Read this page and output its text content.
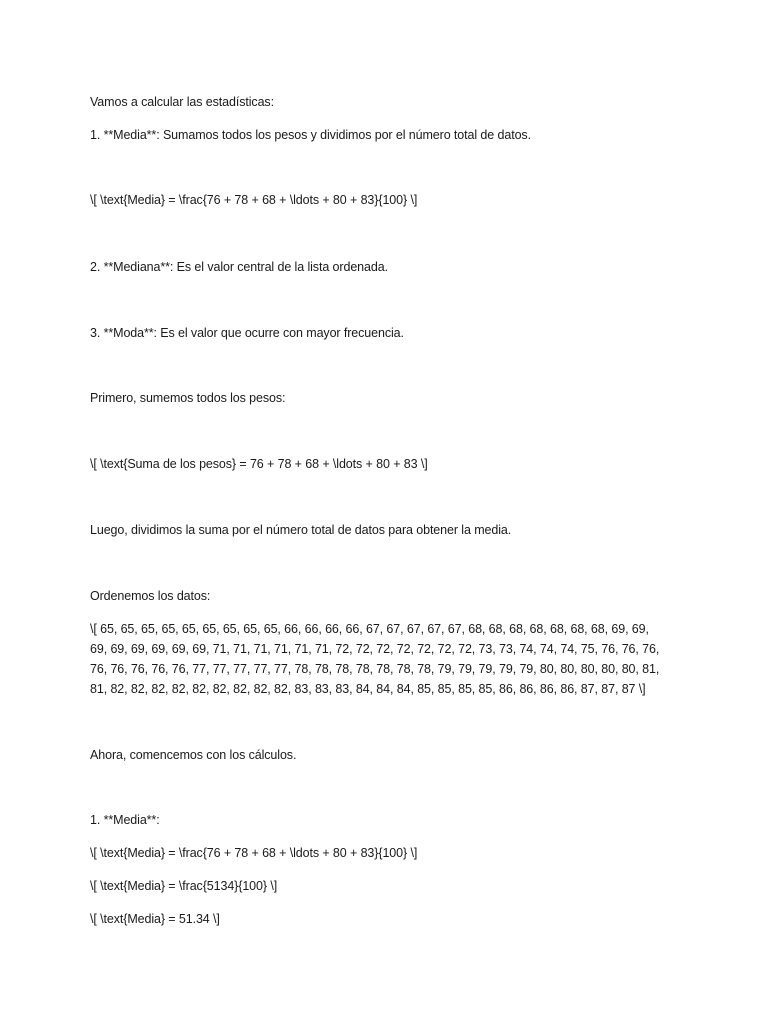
Vamos a calcular las estadísticas:
1. **Media**: Sumamos todos los pesos y dividimos por el número total de datos.
\[ \text{Media} = \frac{76 + 78 + 68 + \ldots + 80 + 83}{100} \]
2. **Mediana**: Es el valor central de la lista ordenada.
3. **Moda**: Es el valor que ocurre con mayor frecuencia.
Primero, sumemos todos los pesos:
\[ \text{Suma de los pesos} = 76 + 78 + 68 + \ldots + 80 + 83 \]
Luego, dividimos la suma por el número total de datos para obtener la media.
Ordenemos los datos:
\[ 65, 65, 65, 65, 65, 65, 65, 65, 65, 66, 66, 66, 66, 67, 67, 67, 67, 67, 68, 68, 68, 68, 68, 68, 68, 69, 69,
69, 69, 69, 69, 69, 69, 71, 71, 71, 71, 71, 71, 72, 72, 72, 72, 72, 72, 72, 73, 73, 74, 74, 74, 75, 76, 76, 76,
76, 76, 76, 76, 76, 77, 77, 77, 77, 77, 78, 78, 78, 78, 78, 78, 78, 79, 79, 79, 79, 79, 80, 80, 80, 80, 80, 81,
81, 82, 82, 82, 82, 82, 82, 82, 82, 82, 83, 83, 83, 84, 84, 84, 85, 85, 85, 85, 86, 86, 86, 86, 87, 87, 87 \]
Ahora, comencemos con los cálculos.
1. **Media**:
\[ \text{Media} = \frac{76 + 78 + 68 + \ldots + 80 + 83}{100} \]
\[ \text{Media} = \frac{5134}{100} \]
\[ \text{Media} = 51.34 \]
